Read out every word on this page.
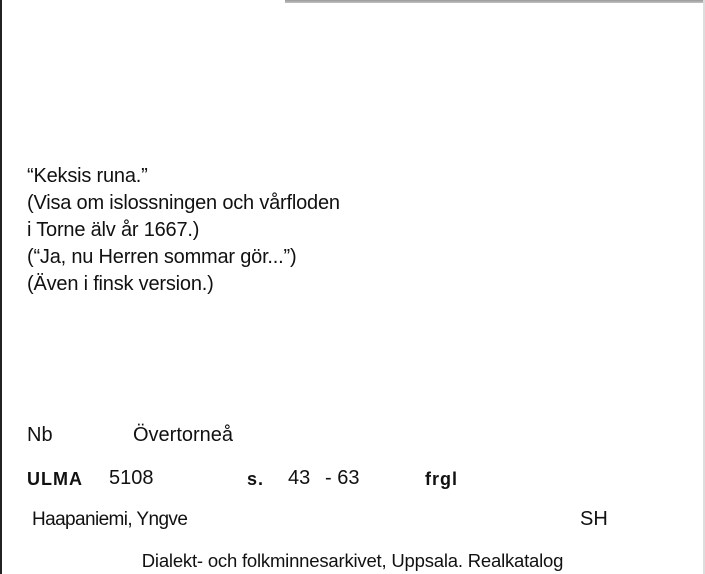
“Keksis runa.”
(Visa om islossningen och vårfloden
i Torne älv år 1667.)
(“Ja, nu Herren sommar gör...”)
(Även i finsk version.)
Nb	Övertorneå
ULMA 5108	s. 43 - 63	frgl
Haapaniemi, Yngve	SH
Dialekt- och folkminnesarkivet, Uppsala. Realkatalog
